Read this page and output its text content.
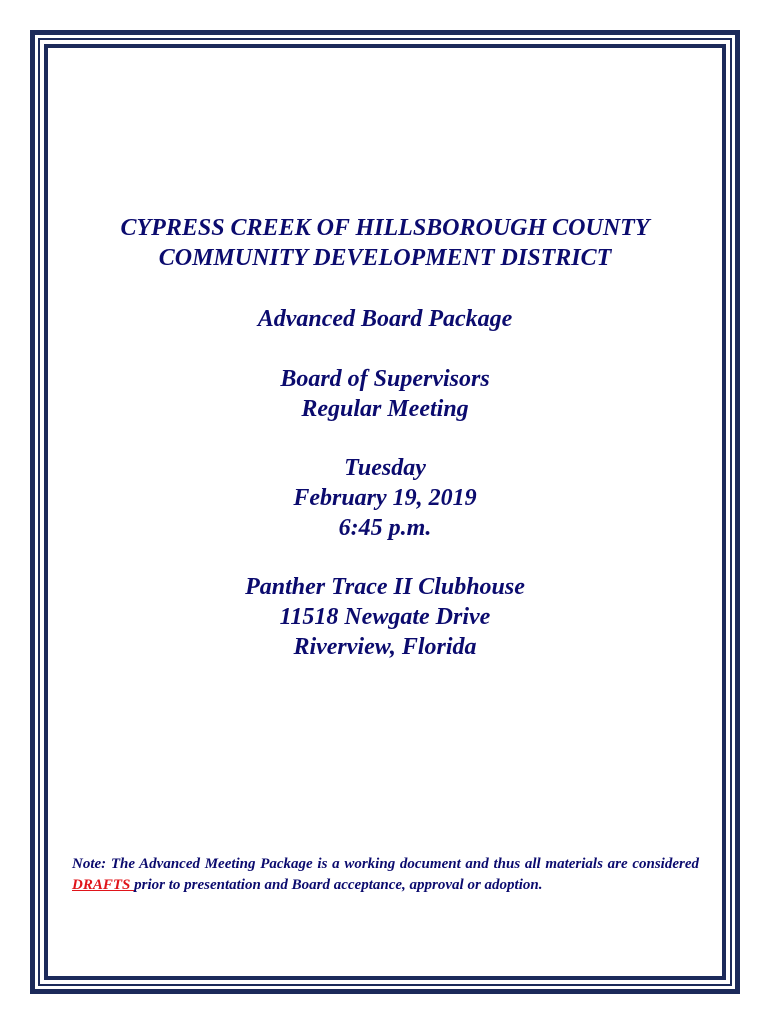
CYPRESS CREEK OF HILLSBOROUGH COUNTY

COMMUNITY DEVELOPMENT DISTRICT

Advanced Board Package

Board of Supervisors

Regular Meeting

Tuesday

February 19, 2019

6:45 p.m.

Panther Trace II Clubhouse

11518 Newgate Drive

Riverview, Florida

Note: The Advanced Meeting Package is a working document and thus all materials are considered DRAFTS prior to presentation and Board acceptance, approval or adoption.
